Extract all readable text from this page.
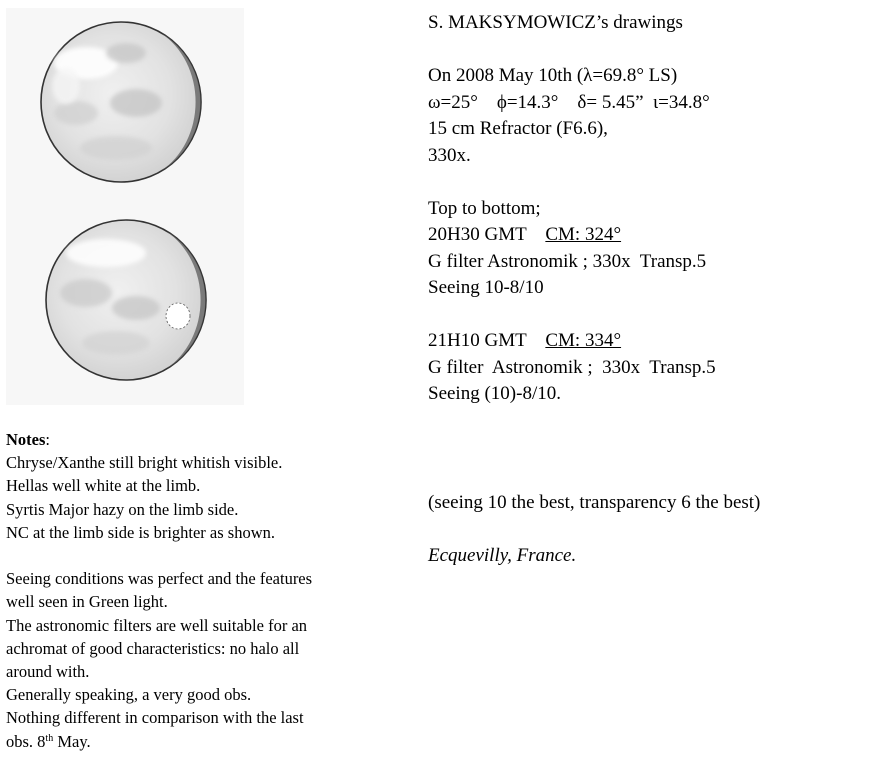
S. MAKSYMOWICZ’s drawings
On 2008 May 10th (λ=69.8° LS)
ω=25° ϕ=14.3° δ= 5.45” ι=34.8°
15 cm Refractor (F6.6),
330x.
Top to bottom;
20H30 GMT CM: 324°
G filter Astronomik ; 330x  Transp.5
Seeing 10-8/10
21H10 GMT CM: 334°
G filter  Astronomik ;  330x  Transp.5
Seeing (10)-8/10.
(seeing 10 the best, transparency 6 the best)
Ecquevilly, France.
Notes:
Chryse/Xanthe still bright whitish visible.
Hellas well white at the limb.
Syrtis Major hazy on the limb side.
NC at the limb side is brighter as shown.
Seeing conditions was perfect and the features
well seen in Green light.
The astronomic filters are well suitable for an
achromat of good characteristics: no halo all
around with.
Generally speaking, a very good obs.
Nothing different in comparison with the last
obs. 8th May.
